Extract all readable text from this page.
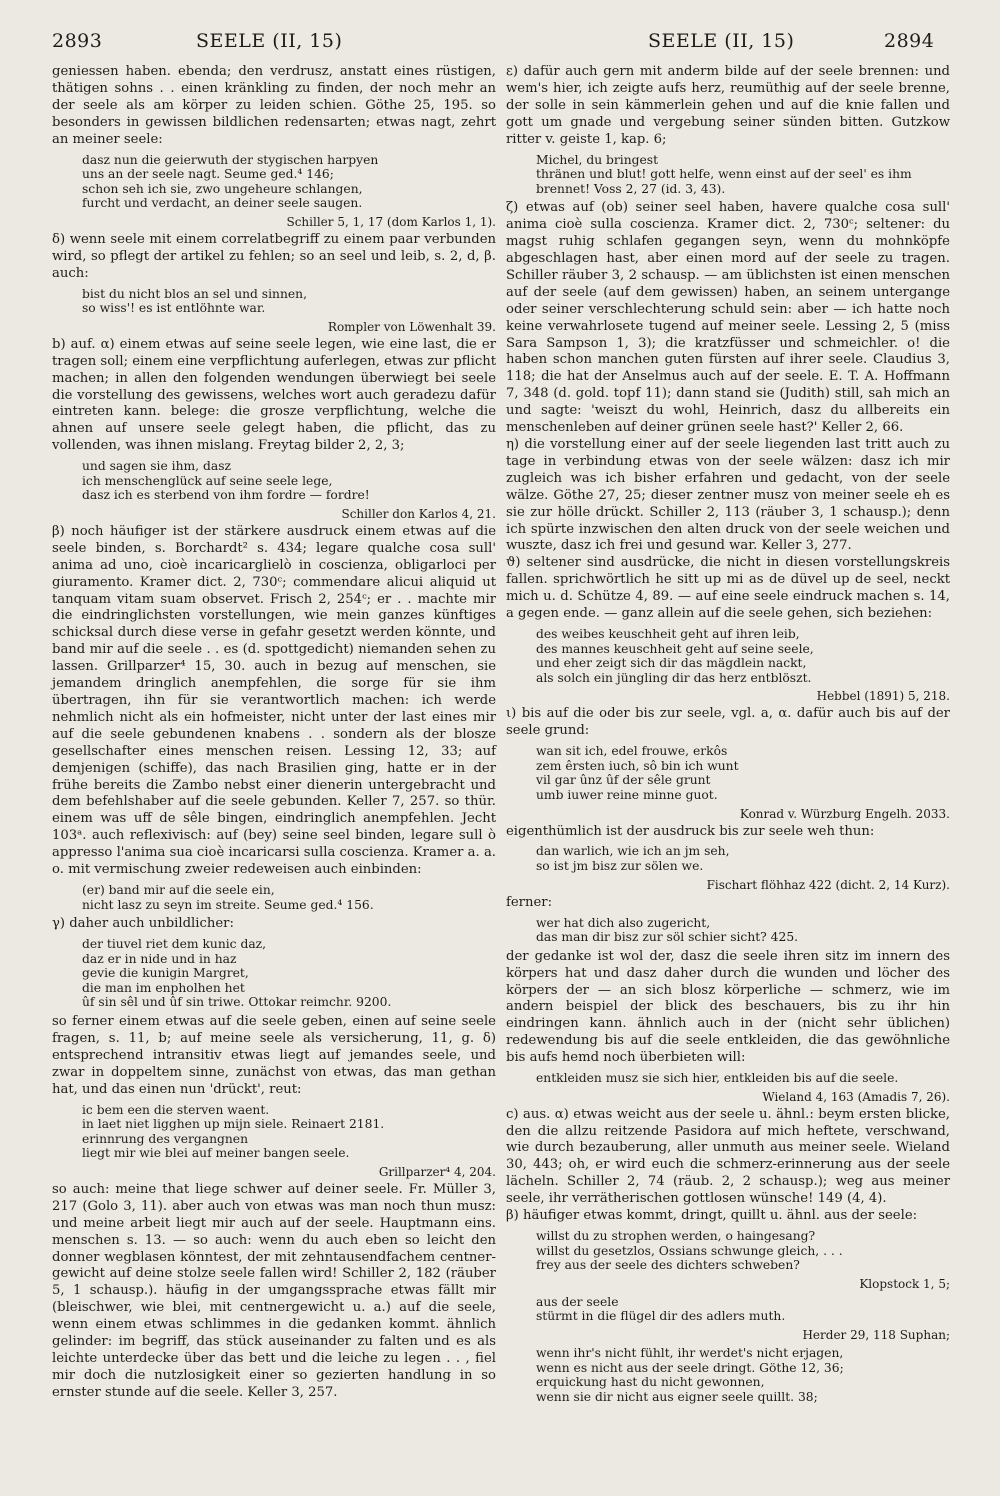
2893	SEELE (II, 15)	SEELE (II, 15)	2894

geniessen haben. ebenda; den verdrusz, anstatt eines rüstigen, thätigen sohns . . einen kränkling zu finden, der noch mehr an der seele als am körper zu leiden schien. Göthe 25, 195. so besonders in gewissen bildlichen redensarten; etwas nagt, zehrt an meiner seele:

dasz nun die geierwuth der stygischen harpyen
uns an der seele nagt. Seume ged.⁴ 146;
schon seh ich sie, zwo ungeheure schlangen,
furcht und verdacht, an deiner seele saugen.

Schiller 5, 1, 17 (dom Karlos 1, 1).

δ) wenn seele mit einem correlatbegriff zu einem paar verbunden wird, so pflegt der artikel zu fehlen; so an seel und leib, s. 2, d, β. auch:

bist du nicht blos an sel und sinnen,
so wiss'! es ist entlöhnte war.

Rompler von Löwenhalt 39.

b) auf. α) einem etwas auf seine seele legen, wie eine last, die er tragen soll; einem eine verpflichtung auferlegen, etwas zur pflicht machen; in allen den folgenden wendungen überwiegt bei seele die vorstellung des gewissens, welches wort auch geradezu dafür eintreten kann. belege: die grosze verpflichtung, welche die ahnen auf unsere seele gelegt haben, die pflicht, das zu vollenden, was ihnen mislang. Freytag bilder 2, 2, 3;

und sagen sie ihm, dasz
ich menschenglück auf seine seele lege,
dasz ich es sterbend von ihm fordre — fordre!

Schiller don Karlos 4, 21.

β) noch häufiger ist der stärkere ausdruck einem etwas auf die seele binden, s. Borchardt² s. 434; legare qualche cosa sull' anima ad uno, cioè incaricarglielò in coscienza, obligarloci per giuramento. Kramer dict. 2, 730ᶜ; commendare alicui aliquid ut tanquam vitam suam observet. Frisch 2, 254ᶜ; er . . machte mir die eindringlichsten vorstellungen, wie mein ganzes künftiges schicksal durch diese verse in gefahr gesetzt werden könnte, und band mir auf die seele . . es (d. spottgedicht) niemanden sehen zu lassen. Grillparzer⁴ 15, 30. auch in bezug auf menschen, sie jemandem dringlich anempfehlen, die sorge für sie ihm übertragen, ihn für sie verantwortlich machen: ich werde nehmlich nicht als ein hofmeister, nicht unter der last eines mir auf die seele gebundenen knabens . . sondern als der blosze gesellschafter eines menschen reisen. Lessing 12, 33; auf demjenigen (schiffe), das nach Brasilien ging, hatte er in der frühe bereits die Zambo nebst einer dienerin untergebracht und dem befehlshaber auf die seele gebunden. Keller 7, 257. so thür. einem was uff de sêle bingen, eindringlich anempfehlen. Jecht 103ᵃ. auch reflexivisch: auf (bey) seine seel binden, legare sull ò appresso l'anima sua cioè incaricarsi sulla coscienza. Kramer a. a. o. mit vermischung zweier redeweisen auch einbinden:

(er) band mir auf die seele ein,
nicht lasz zu seyn im streite. Seume ged.⁴ 156.

γ) daher auch unbildlicher:

der tiuvel riet dem kunic daz,
daz er in nide und in haz
gevie die kunigin Margret,
die man im enpholhen het
ûf sin sêl und ûf sin triwe. Ottokar reimchr. 9200.

so ferner einem etwas auf die seele geben, einen auf seine seele fragen, s. 11, b; auf meine seele als versicherung, 11, g. δ) entsprechend intransitiv etwas liegt auf jemandes seele, und zwar in doppeltem sinne, zunächst von etwas, das man gethan hat, und das einen nun 'drückt', reut:

ic bem een die sterven waent.
in laet niet ligghen up mijn siele. Reinaert 2181.
erinnrung des vergangnen
liegt mir wie blei auf meiner bangen seele.

Grillparzer⁴ 4, 204.

so auch: meine that liege schwer auf deiner seele. Fr. Müller 3, 217 (Golo 3, 11). aber auch von etwas was man noch thun musz: und meine arbeit liegt mir auch auf der seele. Hauptmann eins. menschen s. 13. — so auch: wenn du auch eben so leicht den donner wegblasen könntest, der mit zehntausendfachem centner-gewicht auf deine stolze seele fallen wird! Schiller 2, 182 (räuber 5, 1 schausp.). häufig in der umgangssprache etwas fällt mir (bleischwer, wie blei, mit centnergewicht u. a.) auf die seele, wenn einem etwas schlimmes in die gedanken kommt. ähnlich gelinder: im begriff, das stück auseinander zu falten und es als leichte unterdecke über das bett und die leiche zu legen . . , fiel mir doch die nutzlosigkeit einer so gezierten handlung in so ernster stunde auf die seele. Keller 3, 257.

ε) dafür auch gern mit anderm bilde auf der seele brennen: und wem's hier, ich zeigte aufs herz, reumüthig auf der seele brenne, der solle in sein kämmerlein gehen und auf die knie fallen und gott um gnade und vergebung seiner sünden bitten. Gutzkow ritter v. geiste 1, kap. 6;

Michel, du bringest
thränen und blut! gott helfe, wenn einst auf der seel' es ihm
brennet! Voss 2, 27 (id. 3, 43).

ζ) etwas auf (ob) seiner seel haben, havere qualche cosa sull' anima cioè sulla coscienza. Kramer dict. 2, 730ᶜ; seltener: du magst ruhig schlafen gegangen seyn, wenn du mohnköpfe abgeschlagen hast, aber einen mord auf der seele zu tragen. Schiller räuber 3, 2 schausp. — am üblichsten ist einen menschen auf der seele (auf dem gewissen) haben, an seinem untergange oder seiner verschlechterung schuld sein: aber — ich hatte noch keine verwahrlosete tugend auf meiner seele. Lessing 2, 5 (miss Sara Sampson 1, 3); die kratzfüsser und schmeichler. o! die haben schon manchen guten fürsten auf ihrer seele. Claudius 3, 118; die hat der Anselmus auch auf der seele. E. T. A. Hoffmann 7, 348 (d. gold. topf 11); dann stand sie (Judith) still, sah mich an und sagte: 'weiszt du wohl, Heinrich, dasz du allbereits ein menschenleben auf deiner grünen seele hast?' Keller 2, 66.

η) die vorstellung einer auf der seele liegenden last tritt auch zu tage in verbindung etwas von der seele wälzen: dasz ich mir zugleich was ich bisher erfahren und gedacht, von der seele wälze. Göthe 27, 25; dieser zentner musz von meiner seele eh es sie zur hölle drückt. Schiller 2, 113 (räuber 3, 1 schausp.); denn ich spürte inzwischen den alten druck von der seele weichen und wuszte, dasz ich frei und gesund war. Keller 3, 277.

ϑ) seltener sind ausdrücke, die nicht in diesen vorstellungskreis fallen. sprichwörtlich he sitt up mi as de düvel up de seel, neckt mich u. d. Schütze 4, 89. — auf eine seele eindruck machen s. 14, a gegen ende. — ganz allein auf die seele gehen, sich beziehen:

des weibes keuschheit geht auf ihren leib,
des mannes keuschheit geht auf seine seele,
und eher zeigt sich dir das mägdlein nackt,
als solch ein jüngling dir das herz entblöszt.

Hebbel (1891) 5, 218.

ι) bis auf die oder bis zur seele, vgl. a, α. dafür auch bis auf der seele grund:

wan sit ich, edel frouwe, erkôs
zem êrsten iuch, sô bin ich wunt
vil gar ûnz ûf der sêle grunt
umb iuwer reine minne guot.

Konrad v. Würzburg Engelh. 2033.

eigenthümlich ist der ausdruck bis zur seele weh thun:

dan warlich, wie ich an jm seh,
so ist jm bisz zur sölen we.

Fischart flöhhaz 422 (dicht. 2, 14 Kurz).

ferner:

wer hat dich also zugericht,
das man dir bisz zur söl schier sicht? 425.

der gedanke ist wol der, dasz die seele ihren sitz im innern des körpers hat und dasz daher durch die wunden und löcher des körpers der — an sich blosz körperliche — schmerz, wie im andern beispiel der blick des beschauers, bis zu ihr hin eindringen kann. ähnlich auch in der (nicht sehr üblichen) redewendung bis auf die seele entkleiden, die das gewöhnliche bis aufs hemd noch überbieten will:

entkleiden musz sie sich hier, entkleiden bis auf die seele.

Wieland 4, 163 (Amadis 7, 26).

c) aus. α) etwas weicht aus der seele u. ähnl.: beym ersten blicke, den die allzu reitzende Pasidora auf mich heftete, verschwand, wie durch bezauberung, aller unmuth aus meiner seele. Wieland 30, 443; oh, er wird euch die schmerz-erinnerung aus der seele lächeln. Schiller 2, 74 (räub. 2, 2 schausp.); weg aus meiner seele, ihr verrätherischen gottlosen wünsche! 149 (4, 4).

β) häufiger etwas kommt, dringt, quillt u. ähnl. aus der seele:

willst du zu strophen werden, o haingesang?
willst du gesetzlos, Ossians schwunge gleich, . . .
frey aus der seele des dichters schweben?

Klopstock 1, 5;

aus der seele
stürmt in die flügel dir des adlers muth.

Herder 29, 118 Suphan;

wenn ihr's nicht fühlt, ihr werdet's nicht erjagen,
wenn es nicht aus der seele dringt. Göthe 12, 36;
erquickung hast du nicht gewonnen,
wenn sie dir nicht aus eigner seele quillt. 38;
